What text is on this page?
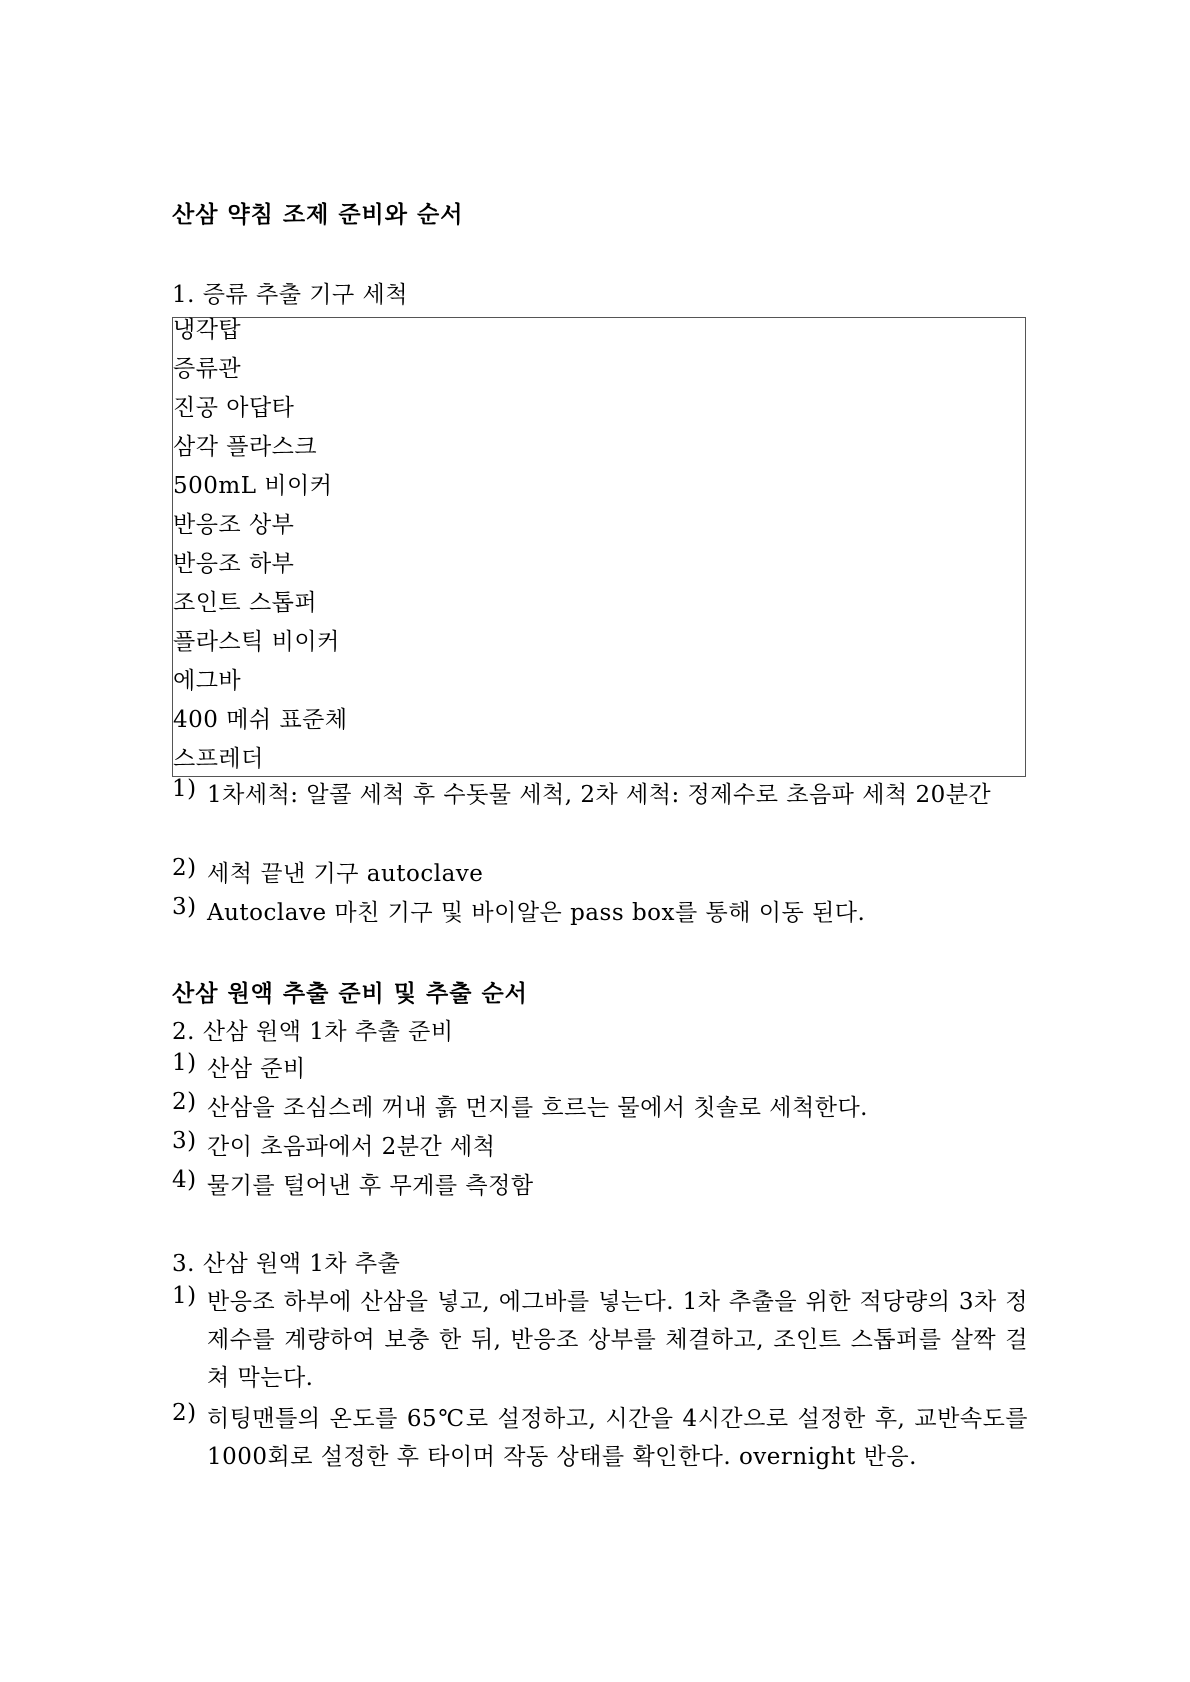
산삼 약침 조제 준비와 순서
1. 증류 추출 기구 세척
냉각탑
증류관
진공 아답타
삼각 플라스크
500mL 비이커
반응조 상부
반응조 하부
조인트 스톱퍼
플라스틱 비이커
에그바
400 메쉬 표준체
스프레더
1) 1차세척: 알콜 세척 후 수돗물 세척, 2차 세척: 정제수로 초음파 세척 20분간
2) 세척 끝낸 기구 autoclave
3) Autoclave 마친 기구 및 바이알은 pass box를 통해 이동 된다.
산삼 원액 추출 준비 및 추출 순서
2. 산삼 원액 1차 추출 준비
1) 산삼 준비
2) 산삼을 조심스레 꺼내 흙 먼지를 흐르는 물에서 칫솔로 세척한다.
3) 간이 초음파에서 2분간 세척
4) 물기를 털어낸 후 무게를 측정함
3. 산삼 원액 1차 추출
1) 반응조 하부에 산삼을 넣고, 에그바를 넣는다. 1차 추출을 위한 적당량의 3차 정제수를 계량하여 보충 한 뒤, 반응조 상부를 체결하고, 조인트 스톱퍼를 살짝 걸쳐 막는다.
2) 히팅맨틀의 온도를 65℃로 설정하고, 시간을 4시간으로 설정한 후, 교반속도를 1000회로 설정한 후 타이머 작동 상태를 확인한다. overnight 반응.
